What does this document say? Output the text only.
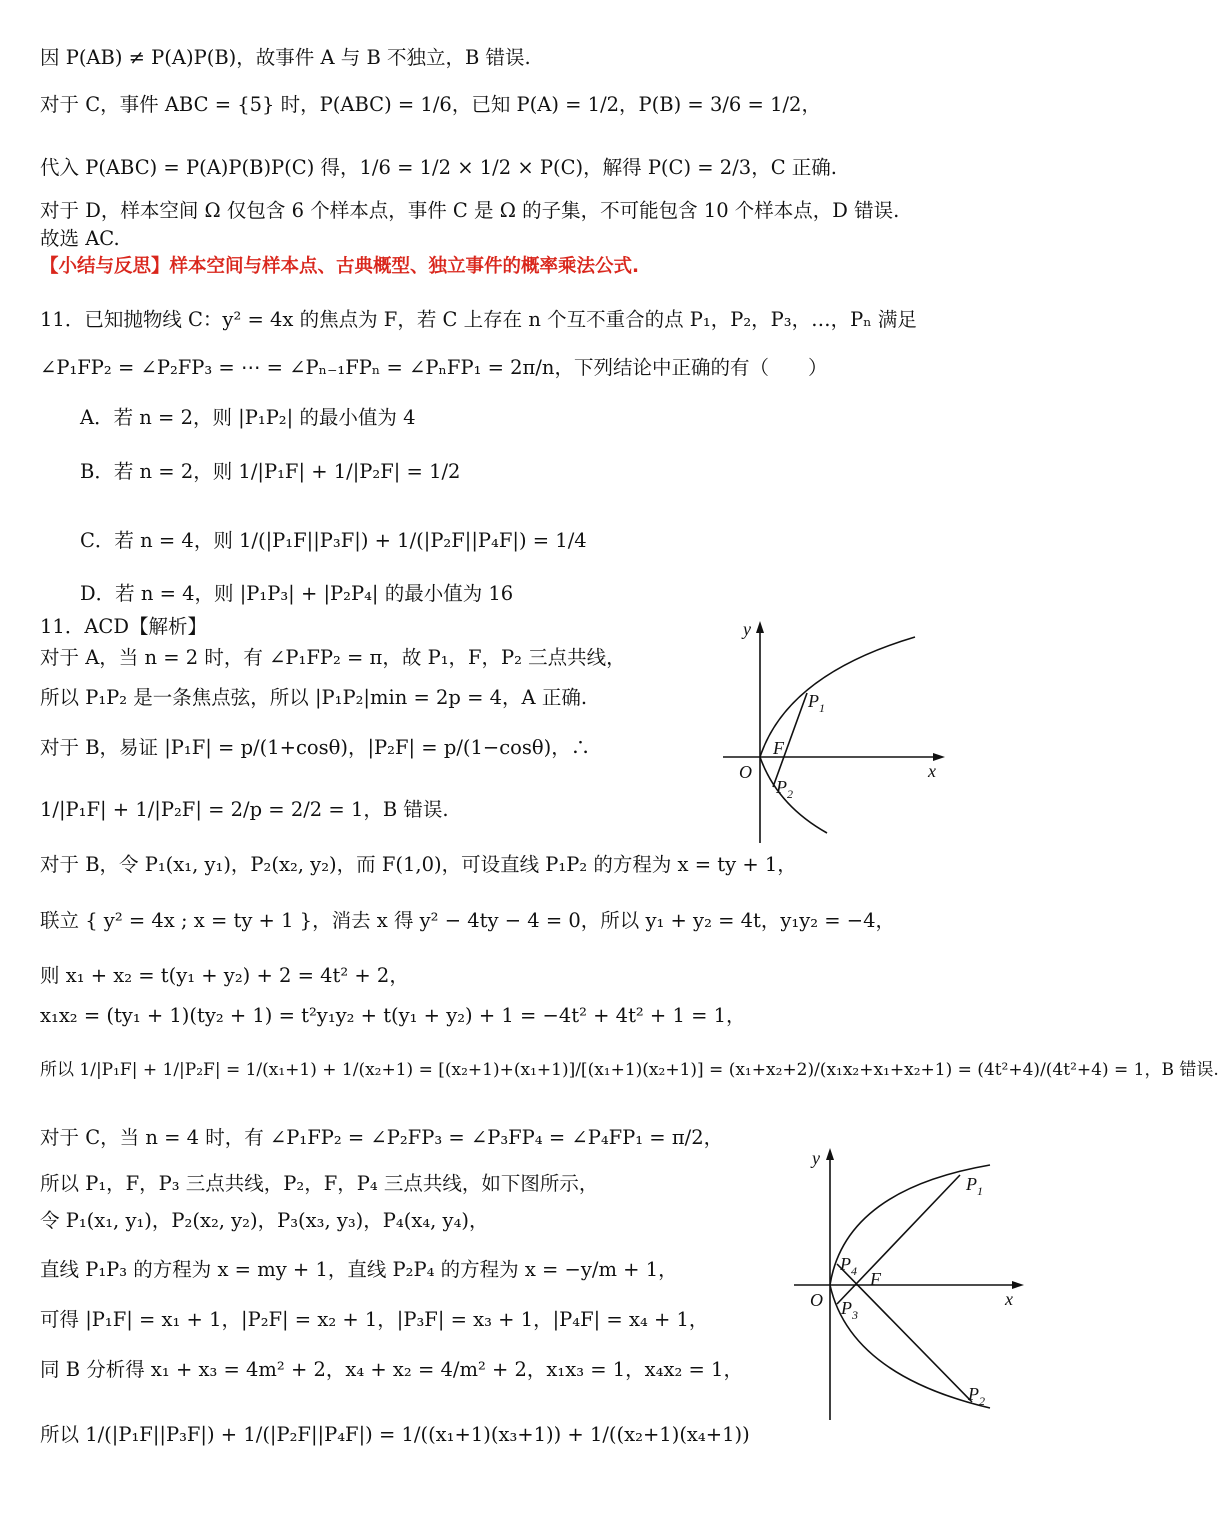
因 P(AB) ≠ P(A)P(B)，故事件 A 与 B 不独立，B 错误.
对于 C，事件 ABC = {5} 时，P(ABC) = 1/6，已知 P(A) = 1/2，P(B) = 3/6 = 1/2，
代入 P(ABC) = P(A)P(B)P(C) 得，1/6 = 1/2 × 1/2 × P(C)，解得 P(C) = 2/3，C 正确.
对于 D，样本空间 Ω 仅包含 6 个样本点，事件 C 是 Ω 的子集，不可能包含 10 个样本点，D 错误.
故选 AC.
【小结与反思】样本空间与样本点、古典概型、独立事件的概率乘法公式.
11．已知抛物线 C：y² = 4x 的焦点为 F，若 C 上存在 n 个互不重合的点 P₁，P₂，P₃，…，Pₙ 满足
∠P₁FP₂ = ∠P₂FP₃ = ⋯ = ∠Pₙ₋₁FPₙ = ∠PₙFP₁ = 2π/n，下列结论中正确的有（　　）
A．若 n = 2，则 |P₁P₂| 的最小值为 4
B．若 n = 2，则 1/|P₁F| + 1/|P₂F| = 1/2
C．若 n = 4，则 1/(|P₁F||P₃F|) + 1/(|P₂F||P₄F|) = 1/4
D．若 n = 4，则 |P₁P₃| + |P₂P₄| 的最小值为 16
11．ACD【解析】
对于 A，当 n = 2 时，有 ∠P₁FP₂ = π，故 P₁，F，P₂ 三点共线，
所以 P₁P₂ 是一条焦点弦，所以 |P₁P₂|min = 2p = 4，A 正确.
对于 B，易证 |P₁F| = p/(1+cosθ)，|P₂F| = p/(1−cosθ)，∴
1/|P₁F| + 1/|P₂F| = 2/p = 2/2 = 1，B 错误.
对于 B，令 P₁(x₁, y₁)，P₂(x₂, y₂)，而 F(1,0)，可设直线 P₁P₂ 的方程为 x = ty + 1，
联立 { y² = 4x ; x = ty + 1 }，消去 x 得 y² − 4ty − 4 = 0，所以 y₁ + y₂ = 4t，y₁y₂ = −4，
则 x₁ + x₂ = t(y₁ + y₂) + 2 = 4t² + 2，
x₁x₂ = (ty₁ + 1)(ty₂ + 1) = t²y₁y₂ + t(y₁ + y₂) + 1 = −4t² + 4t² + 1 = 1，
所以 1/|P₁F| + 1/|P₂F| = 1/(x₁+1) + 1/(x₂+1) = [(x₂+1)+(x₁+1)]/[(x₁+1)(x₂+1)] = (x₁+x₂+2)/(x₁x₂+x₁+x₂+1) = (4t²+4)/(4t²+4) = 1，B 错误.
对于 C，当 n = 4 时，有 ∠P₁FP₂ = ∠P₂FP₃ = ∠P₃FP₄ = ∠P₄FP₁ = π/2，
所以 P₁，F，P₃ 三点共线，P₂，F，P₄ 三点共线，如下图所示，
令 P₁(x₁, y₁)，P₂(x₂, y₂)，P₃(x₃, y₃)，P₄(x₄, y₄)，
直线 P₁P₃ 的方程为 x = my + 1，直线 P₂P₄ 的方程为 x = −y/m + 1，
可得 |P₁F| = x₁ + 1，|P₂F| = x₂ + 1，|P₃F| = x₃ + 1，|P₄F| = x₄ + 1，
同 B 分析得 x₁ + x₃ = 4m² + 2，x₄ + x₂ = 4/m² + 2，x₁x₃ = 1，x₄x₂ = 1，
所以 1/(|P₁F||P₃F|) + 1/(|P₂F||P₄F|) = 1/((x₁+1)(x₃+1)) + 1/((x₂+1)(x₄+1))
y
x
O
P 1
F
P 2
y
x
O
P 1
P 2
P 3
P 4 F
